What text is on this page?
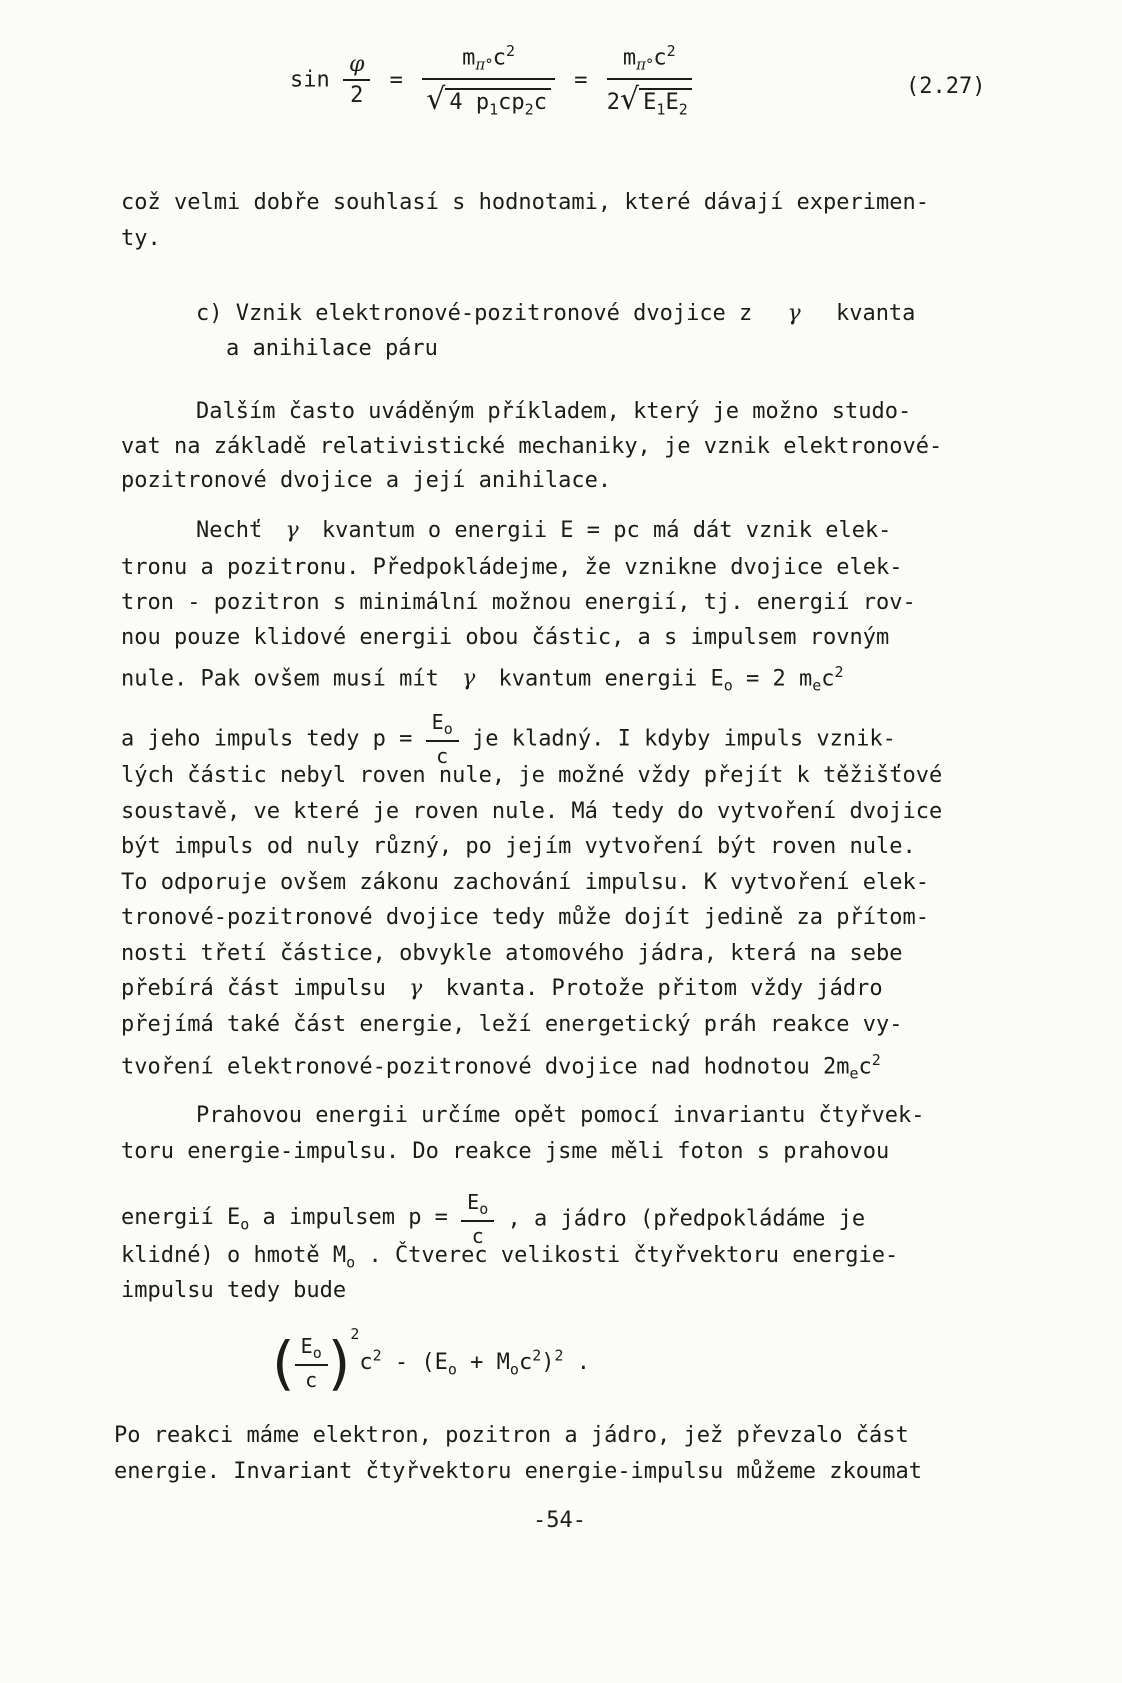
$\sin \frac{\varphi}{2} = \frac{m_{\pi^\circ}c^2}{√ 4 p_1cp_2c} = \frac{m_{\pi^\circ}c^2}{2√ E_1E_2}$	(2.27)
což velmi dobře souhlasí s hodnotami, které dávají experimen-
ty.
c) Vznik elektronové-pozitronové dvojice z γ kvanta
a anihilace páru
Dalším často uváděným příkladem, který je možno studo-
vat na základě relativistické mechaniky, je vznik elektronové-
pozitronové dvojice a její anihilace.
Nechť γ kvantum o energii E = pc má dát vznik elek-
tronu a pozitronu. Předpokládejme, že vznikne dvojice elek-
tron - pozitron s minimální možnou energií, tj. energií rov-
nou pouze klidové energii obou částic, a s impulsem rovným
nule. Pak ovšem musí mít γ kvantum energii $E_o = 2$ $m_ec^2$
a jeho impuls tedy $p = \frac{E_o}{c}$ je kladný. I kdyby impuls vznik-
lých částic nebyl roven nule, je možné vždy přejít k těžišťové
soustavě, ve které je roven nule. Má tedy do vytvoření dvojice
být impuls od nuly různý, po jejím vytvoření být roven nule.
To odporuje ovšem zákonu zachování impulsu. K vytvoření elek-
tronové-pozitronové dvojice tedy může dojít jedině za přítom-
nosti třetí částice, obvykle atomového jádra, která na sebe
přebírá část impulsu γ kvanta. Protože přitom vždy jádro
přejímá také část energie, leží energetický práh reakce vy-
tvoření elektronové-pozitronové dvojice nad hodnotou $2m_ec^2$
Prahovou energii určíme opět pomocí invariantu čtyřvek-
toru energie-impulsu. Do reakce jsme měli foton s prahovou
energií $E_o$ a impulsem $p = \frac{E_o}{c}$ , a jádro (předpokládáme je
klidné) o hmotě $M_o$ . Čtverec velikosti čtyřvektoru energie-
impulsu tedy bude
( $\frac{E_o}{c} )^2c^2 - (E_o + M_oc^2)^2$ .
Po reakci máme elektron, pozitron a jádro, jež převzalo část
energie. Invariant čtyřvektoru energie-impulsu můžeme zkoumat
-54-
